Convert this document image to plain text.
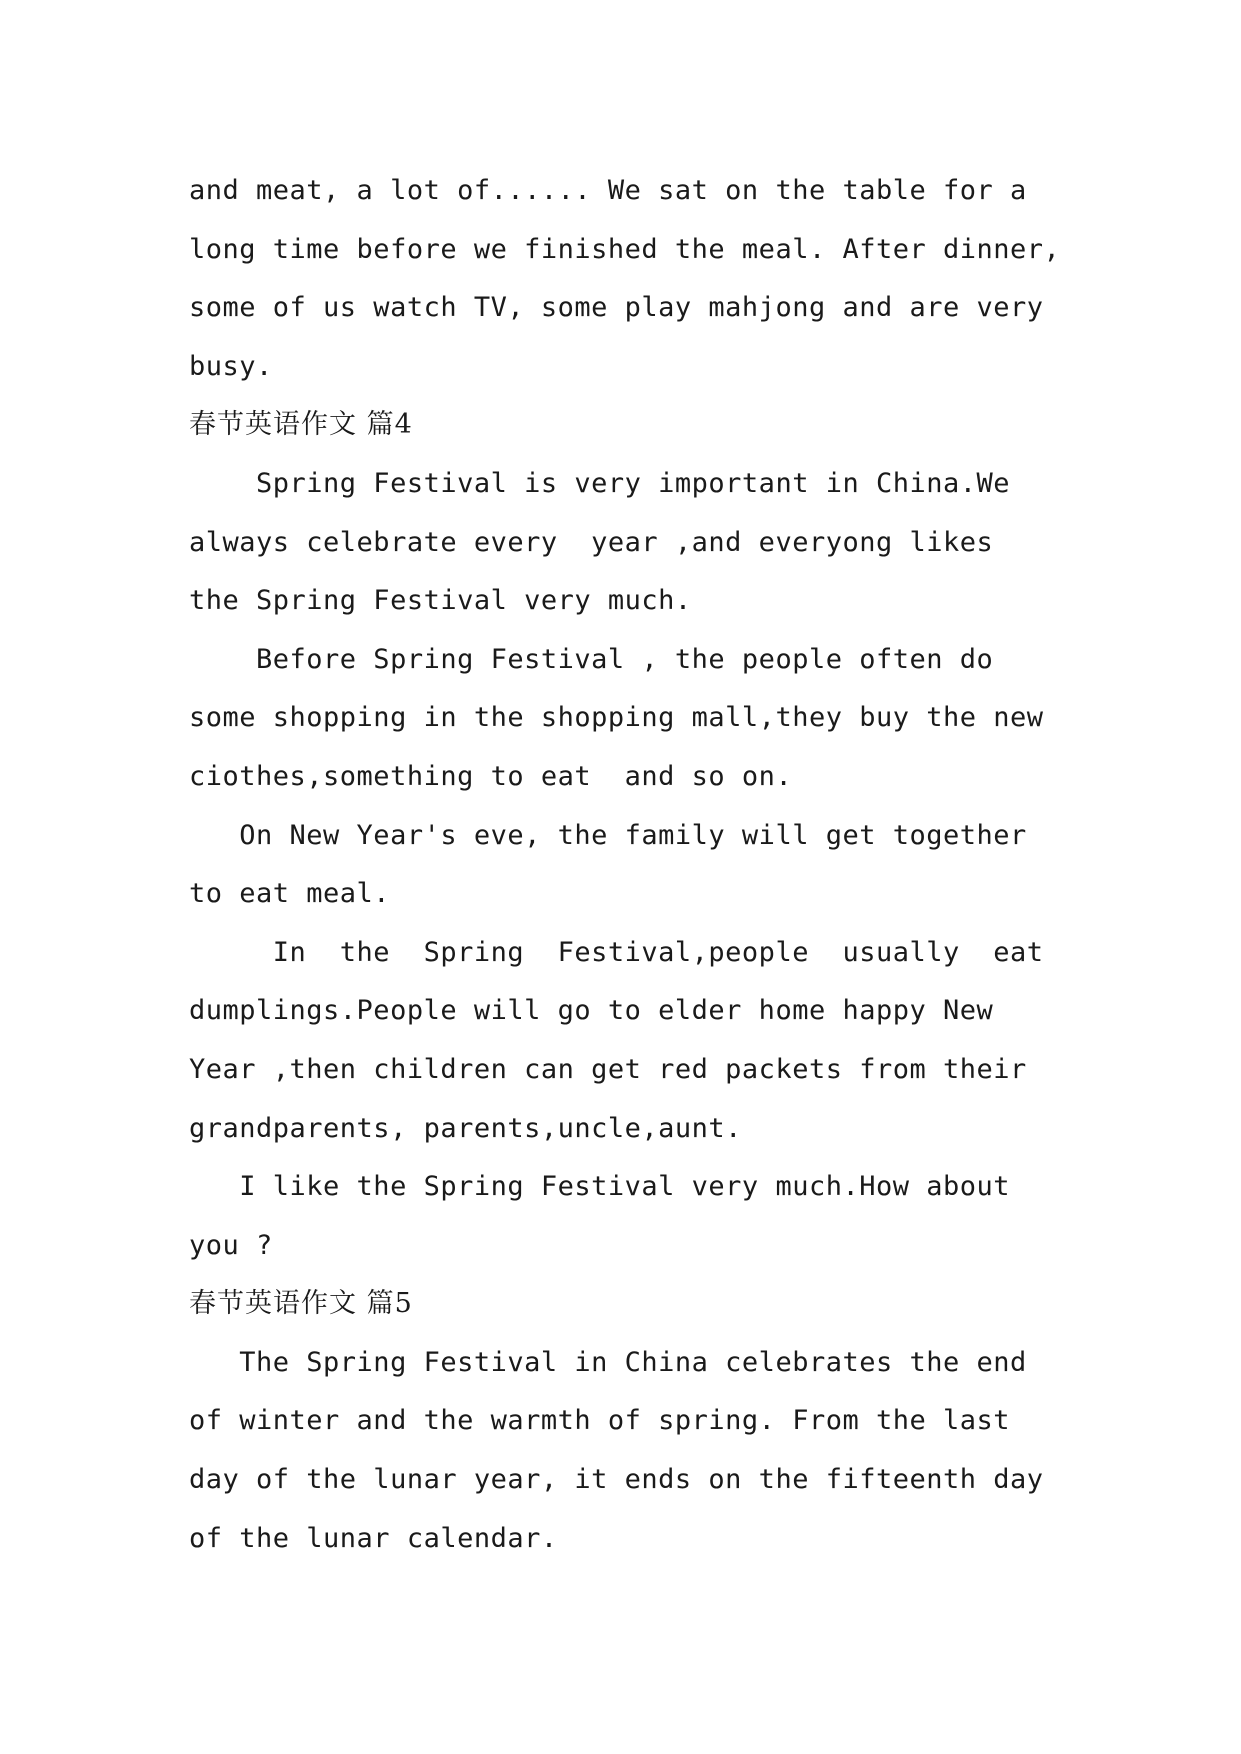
and meat, a lot of...... We sat on the table for a
long time before we finished the meal. After dinner,
some of us watch TV, some play mahjong and are very
busy.
春节英语作文 篇4
Spring Festival is very important in China.We
always celebrate every  year ,and everyong likes
the Spring Festival very much.
Before Spring Festival , the people often do
some shopping in the shopping mall,they buy the new
ciothes,something to eat  and so on.
On New Year's eve, the family will get together
to eat meal.
In  the  Spring  Festival,people  usually  eat
dumplings.People will go to elder home happy New
Year ,then children can get red packets from their
grandparents, parents,uncle,aunt.
I like the Spring Festival very much.How about
you ?
春节英语作文 篇5
The Spring Festival in China celebrates the end
of winter and the warmth of spring. From the last
day of the lunar year, it ends on the fifteenth day
of the lunar calendar.
